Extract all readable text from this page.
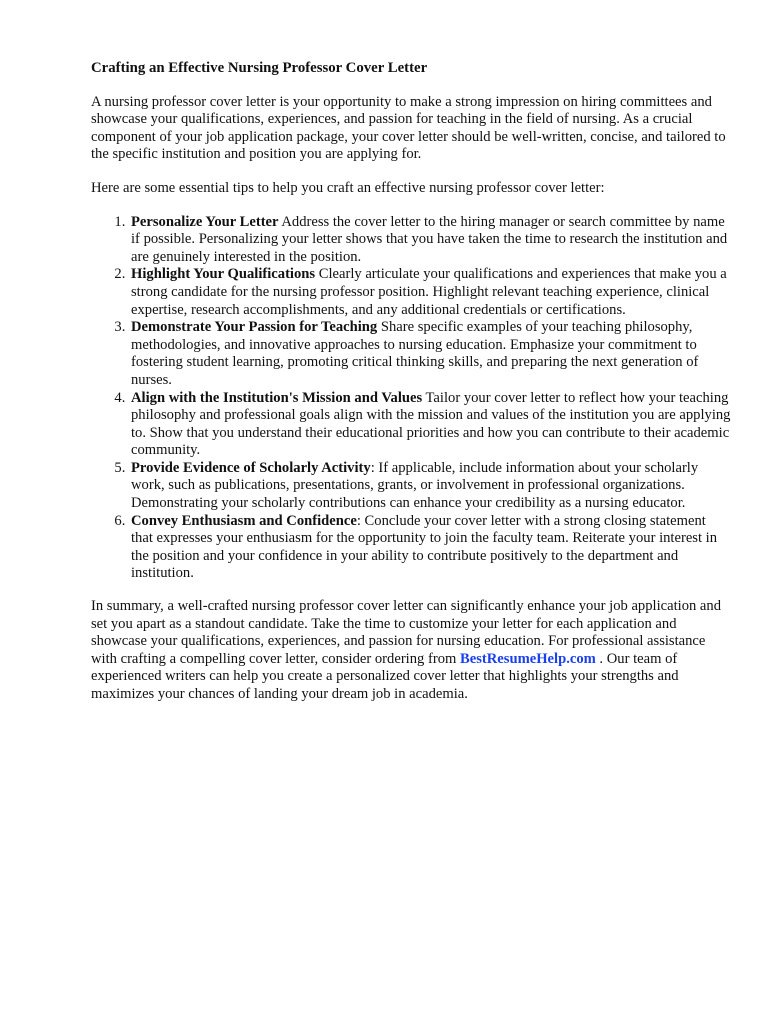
Crafting an Effective Nursing Professor Cover Letter

A nursing professor cover letter is your opportunity to make a strong impression on hiring committees and showcase your qualifications, experiences, and passion for teaching in the field of nursing. As a crucial component of your job application package, your cover letter should be well-written, concise, and tailored to the specific institution and position you are applying for.

Here are some essential tips to help you craft an effective nursing professor cover letter:

1. Personalize Your Letter Address the cover letter to the hiring manager or search committee by name if possible. Personalizing your letter shows that you have taken the time to research the institution and are genuinely interested in the position.
2. Highlight Your Qualifications Clearly articulate your qualifications and experiences that make you a strong candidate for the nursing professor position. Highlight relevant teaching experience, clinical expertise, research accomplishments, and any additional credentials or certifications.
3. Demonstrate Your Passion for Teaching Share specific examples of your teaching philosophy, methodologies, and innovative approaches to nursing education. Emphasize your commitment to fostering student learning, promoting critical thinking skills, and preparing the next generation of nurses.
4. Align with the Institution's Mission and Values Tailor your cover letter to reflect how your teaching philosophy and professional goals align with the mission and values of the institution you are applying to. Show that you understand their educational priorities and how you can contribute to their academic community.
5. Provide Evidence of Scholarly Activity: If applicable, include information about your scholarly work, such as publications, presentations, grants, or involvement in professional organizations. Demonstrating your scholarly contributions can enhance your credibility as a nursing educator.
6. Convey Enthusiasm and Confidence: Conclude your cover letter with a strong closing statement that expresses your enthusiasm for the opportunity to join the faculty team. Reiterate your interest in the position and your confidence in your ability to contribute positively to the department and institution.

In summary, a well-crafted nursing professor cover letter can significantly enhance your job application and set you apart as a standout candidate. Take the time to customize your letter for each application and showcase your qualifications, experiences, and passion for nursing education. For professional assistance with crafting a compelling cover letter, consider ordering from BestResumeHelp.com . Our team of experienced writers can help you create a personalized cover letter that highlights your strengths and maximizes your chances of landing your dream job in academia.
